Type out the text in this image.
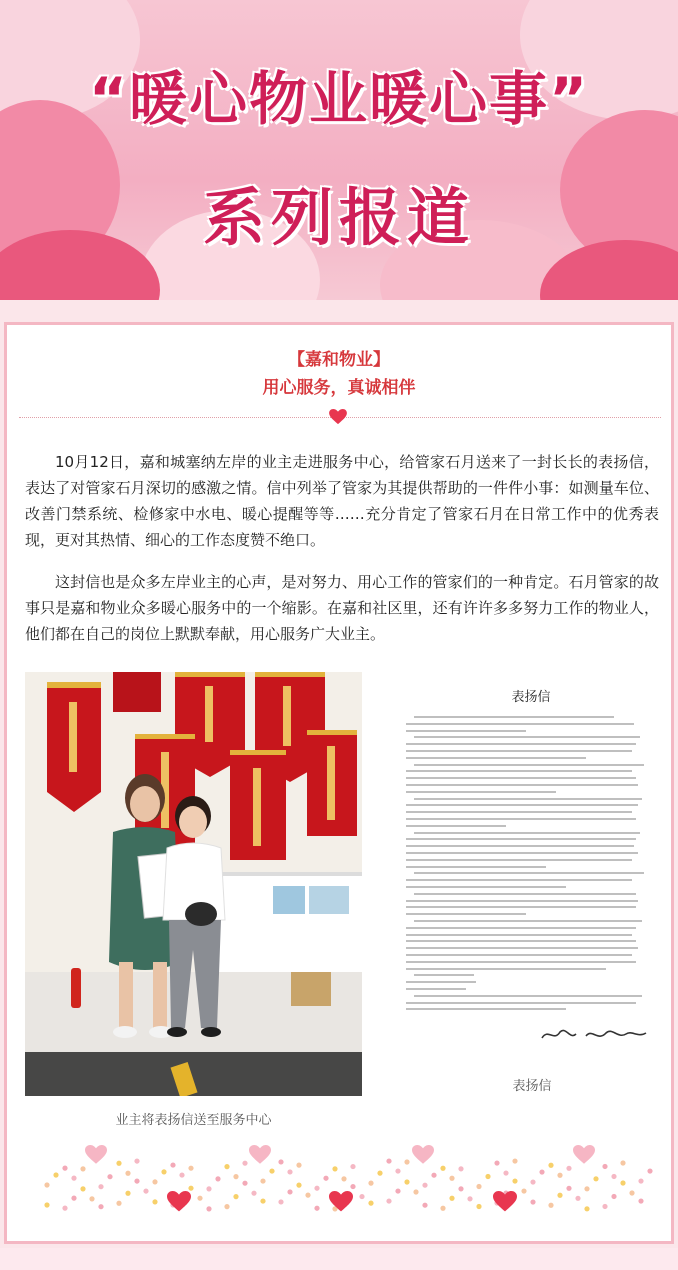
“暖心物业暖心事”
系列报道
【嘉和物业】
用心服务，真诚相伴

10月12日，嘉和城塞纳左岸的业主走进服务中心，给管家石月送来了一封长长的表扬信，表达了对管家石月深切的感激之情。信中列举了管家为其提供帮助的一件件小事：如测量车位、改善门禁系统、检修家中水电、暖心提醒等等……充分肯定了管家石月在日常工作中的优秀表现，更对其热情、细心的工作态度赞不绝口。

这封信也是众多左岸业主的心声，是对努力、用心工作的管家们的一种肯定。石月管家的故事只是嘉和物业众多暖心服务中的一个缩影。在嘉和社区里，还有许许多多努力工作的物业人，他们都在自己的岗位上默默奉献，用心服务广大业主。

业主将表扬信送至服务中心
表扬信
表扬信
